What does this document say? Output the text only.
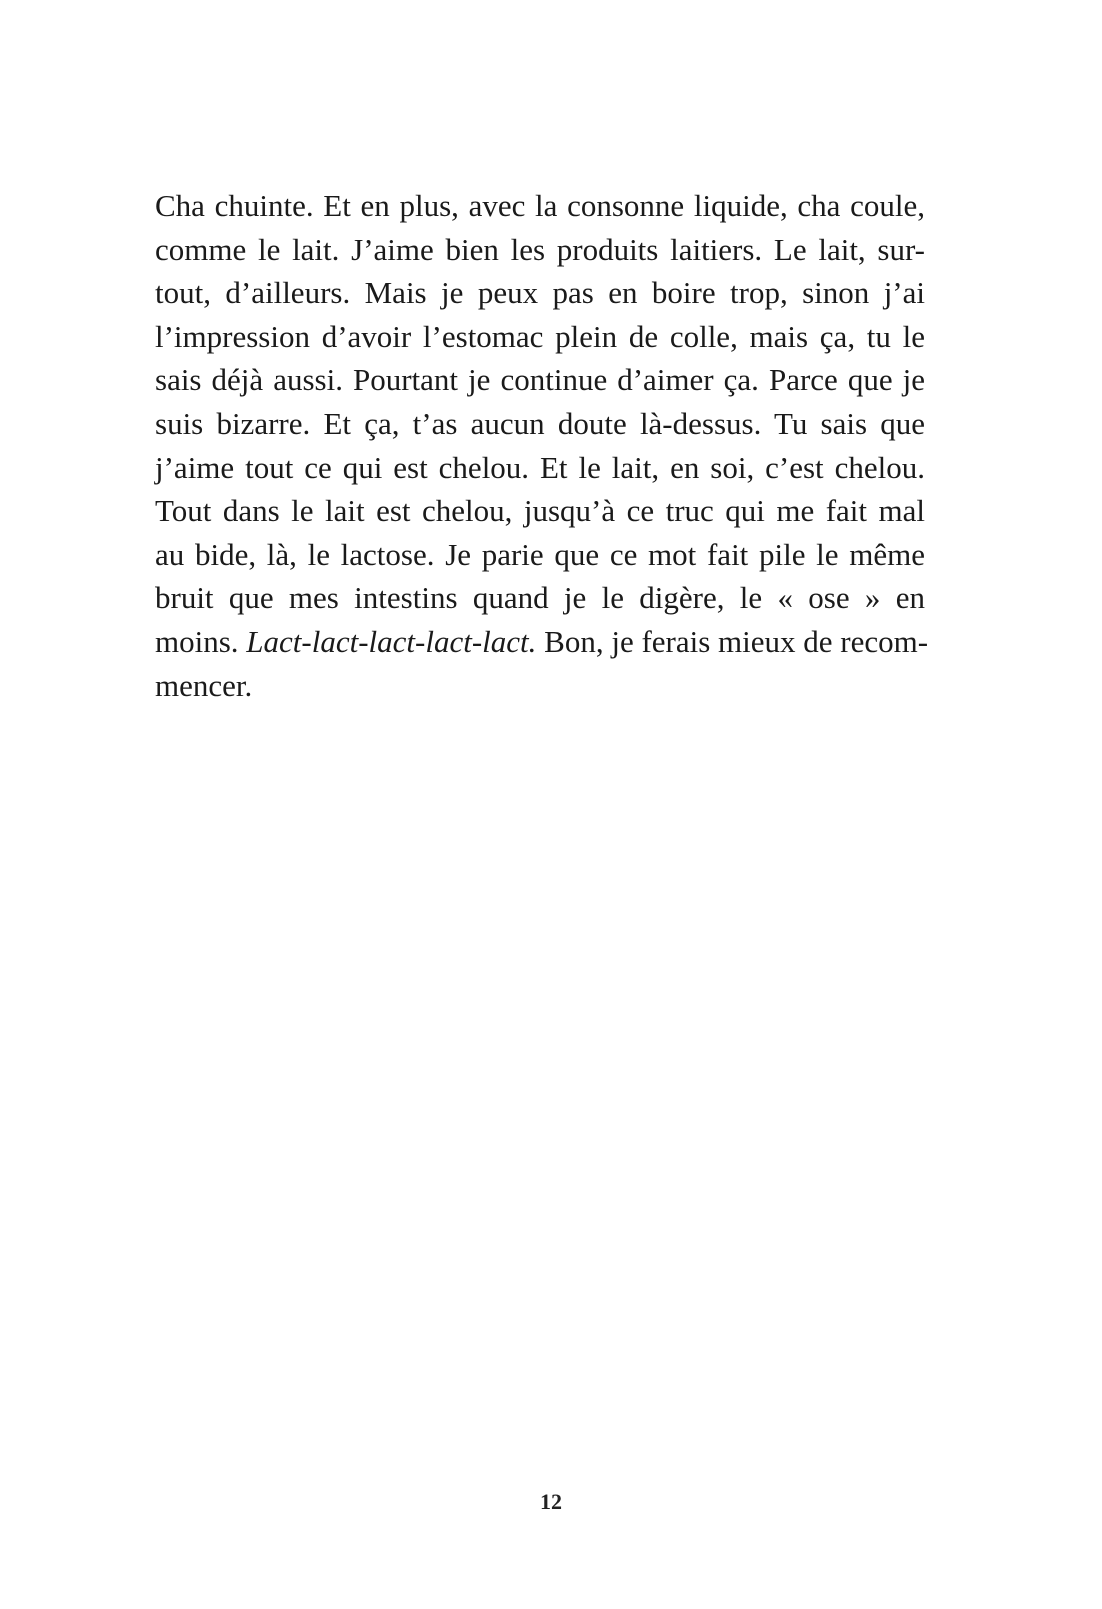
Cha chuinte. Et en plus, avec la consonne liquide, cha coule,
comme le lait. J’aime bien les produits laitiers. Le lait, sur-
tout, d’ailleurs. Mais je peux pas en boire trop, sinon j’ai
l’impression d’avoir l’estomac plein de colle, mais ça, tu le
sais déjà aussi. Pourtant je continue d’aimer ça. Parce que je
suis bizarre. Et ça, t’as aucun doute là-dessus. Tu sais que
j’aime tout ce qui est chelou. Et le lait, en soi, c’est chelou.
Tout dans le lait est chelou, jusqu’à ce truc qui me fait mal
au bide, là, le lactose. Je parie que ce mot fait pile le même
bruit que mes intestins quand je le digère, le « ose » en
moins. Lact-lact-lact-lact-lact. Bon, je ferais mieux de recom-
mencer.
12
